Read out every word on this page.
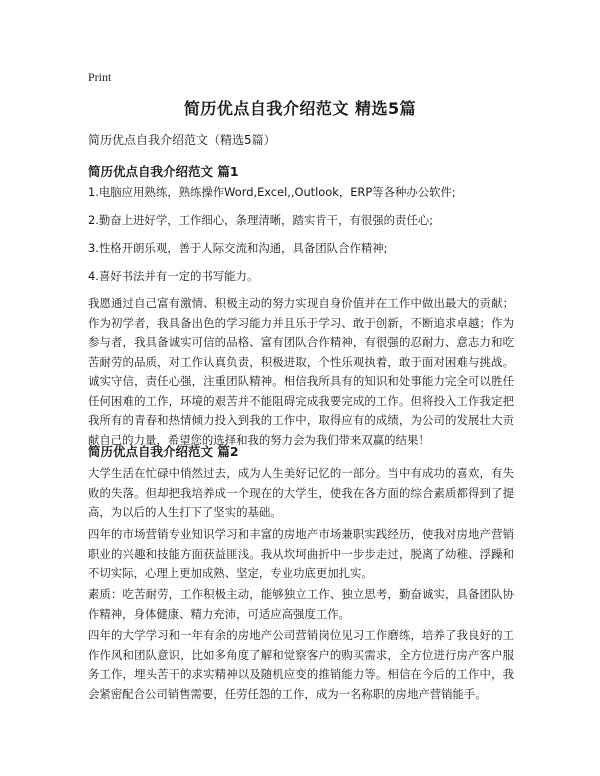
Print
简历优点自我介绍范文 精选5篇
简历优点自我介绍范文（精选5篇）
简历优点自我介绍范文 篇1

1.电脑应用熟练，熟练操作Word,Excel,,Outlook，ERP等各种办公软件;

2.勤奋上进好学，工作细心，条理清晰，踏实肯干，有很强的责任心;

3.性格开朗乐观，善于人际交流和沟通，具备团队合作精神;

4.喜好书法并有一定的书写能力。

我愿通过自己富有激情、积极主动的努力实现自身价值并在工作中做出最大的贡献；作为初学者，我具备出色的学习能力并且乐于学习、敢于创新，不断追求卓越；作为参与者，我具备诚实可信的品格、富有团队合作精神，有很强的忍耐力、意志力和吃苦耐劳的品质，对工作认真负责，积极进取，个性乐观执着，敢于面对困难与挑战。诚实守信，责任心强，注重团队精神。相信我所具有的知识和处事能力完全可以胜任任何困难的工作，环境的艰苦并不能阻碍完成我要完成的工作。但将投入工作我定把我所有的青春和热情倾力投入到我的工作中，取得应有的成绩，为公司的发展壮大贡献自己的力量，希望您的选择和我的努力会为我们带来双赢的结果！

简历优点自我介绍范文 篇2

大学生活在忙碌中悄然过去，成为人生美好记忆的一部分。当中有成功的喜欢，有失败的失落。但却把我培养成一个现在的大学生，使我在各方面的综合素质都得到了提高，为以后的人生打下了坚实的基础。

四年的市场营销专业知识学习和丰富的房地产市场兼职实践经历，使我对房地产营销职业的兴趣和技能方面获益匪浅。我从坎坷曲折中一步步走过，脱离了幼稚、浮躁和不切实际，心理上更加成熟、坚定，专业功底更加扎实。

素质：吃苦耐劳，工作积极主动，能够独立工作、独立思考，勤奋诚实，具备团队协作精神，身体健康、精力充沛，可适应高强度工作。

四年的大学学习和一年有余的房地产公司营销岗位见习工作磨练，培养了我良好的工作作风和团队意识，比如多角度了解和觉察客户的购买需求，全方位进行房产客户服务工作，埋头苦干的求实精神以及随机应变的推销能力等。相信在今后的工作中，我会紧密配合公司销售需要，任劳任怨的工作，成为一名称职的房地产营销能手。
